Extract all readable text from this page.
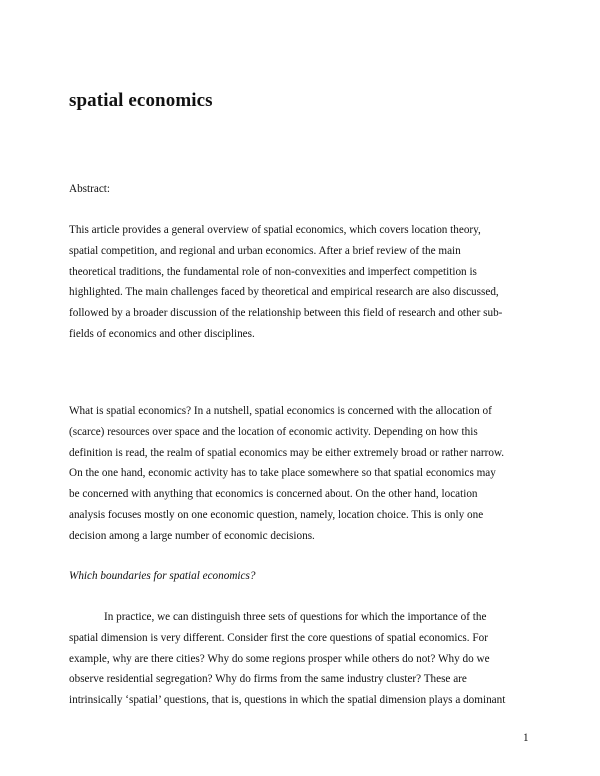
spatial economics

Abstract:

This article provides a general overview of spatial economics, which covers location theory,
spatial competition, and regional and urban economics. After a brief review of the main
theoretical traditions, the fundamental role of non-convexities and imperfect competition is
highlighted. The main challenges faced by theoretical and empirical research are also discussed,
followed by a broader discussion of the relationship between this field of research and other sub-
fields of economics and other disciplines.

What is spatial economics? In a nutshell, spatial economics is concerned with the allocation of
(scarce) resources over space and the location of economic activity. Depending on how this
definition is read, the realm of spatial economics may be either extremely broad or rather narrow.
On the one hand, economic activity has to take place somewhere so that spatial economics may
be concerned with anything that economics is concerned about. On the other hand, location
analysis focuses mostly on one economic question, namely, location choice. This is only one
decision among a large number of economic decisions.

Which boundaries for spatial economics?

In practice, we can distinguish three sets of questions for which the importance of the
spatial dimension is very different. Consider first the core questions of spatial economics. For
example, why are there cities? Why do some regions prosper while others do not? Why do we
observe residential segregation? Why do firms from the same industry cluster? These are
intrinsically ‘spatial’ questions, that is, questions in which the spatial dimension plays a dominant

1
